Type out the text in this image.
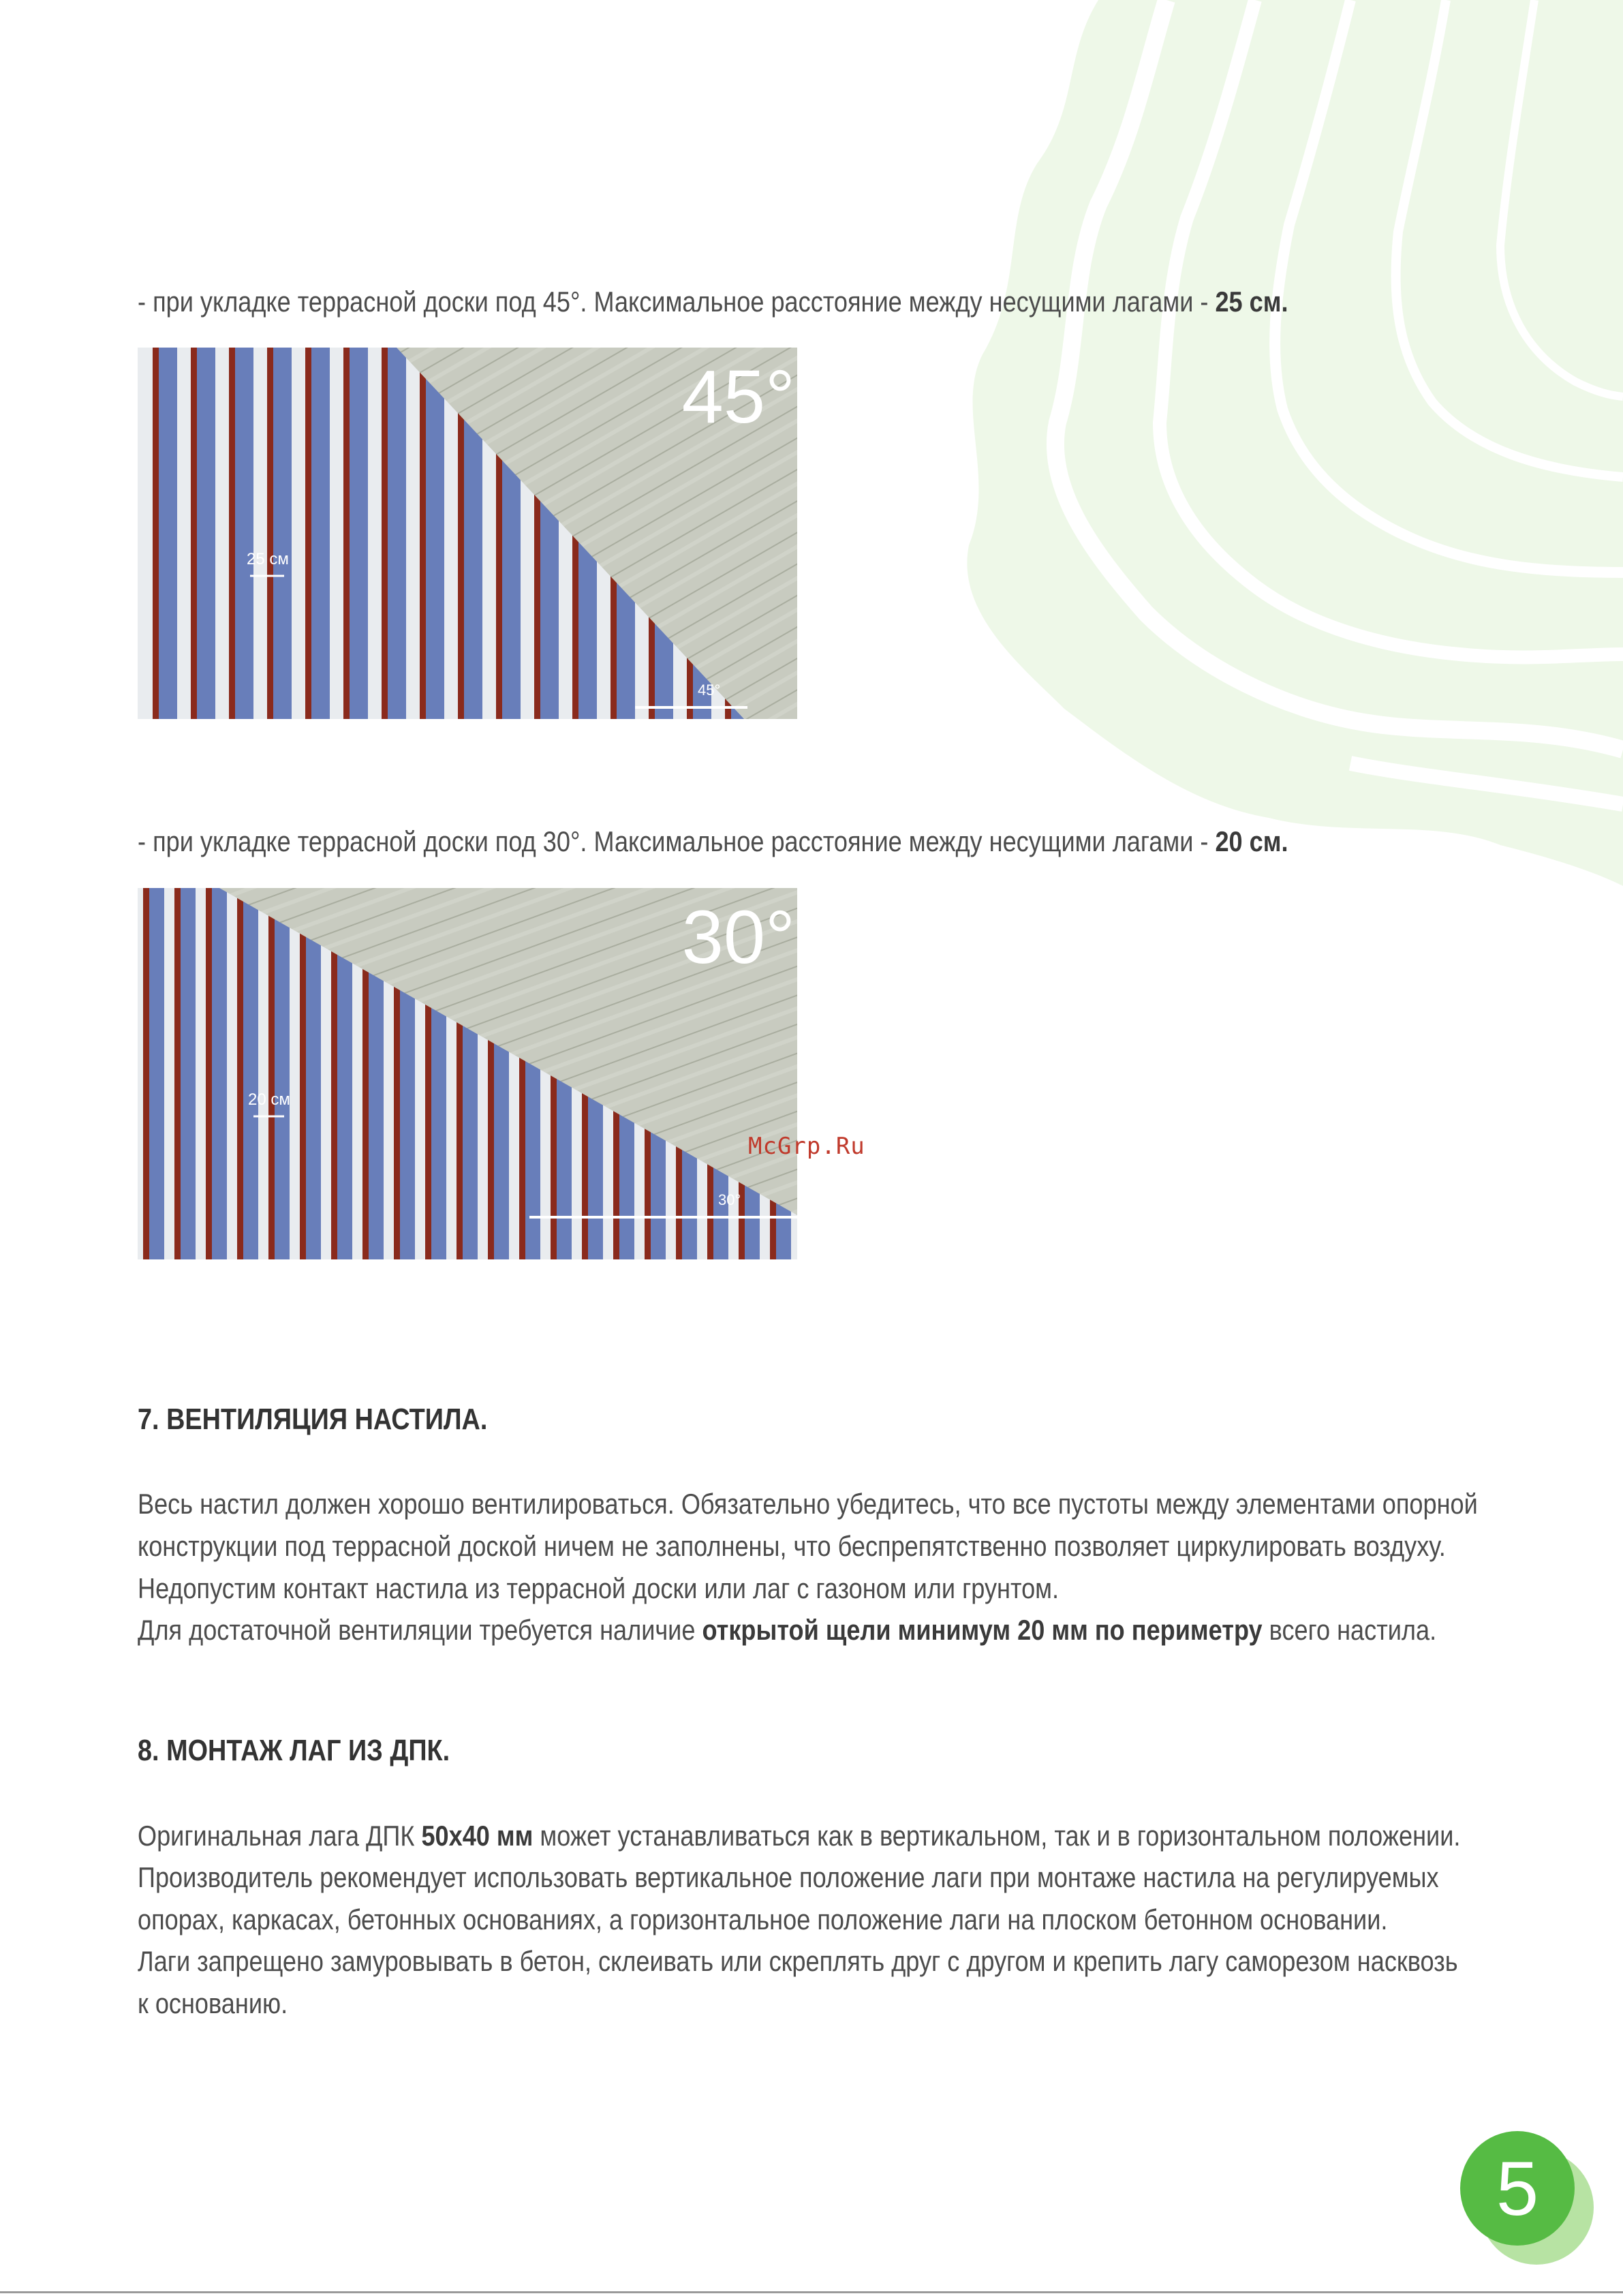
- при укладке террасной доски под 45°. Максимальное расстояние между несущими лагами - 25 см.
45°
25 см
45°
- при укладке террасной доски под 30°. Максимальное расстояние между несущими лагами - 20 см.
30°
20 см
30°
McGrp.Ru
7. ВЕНТИЛЯЦИЯ НАСТИЛА.
Весь настил должен хорошо вентилироваться. Обязательно убедитесь, что все пустоты между элементами опорной
конструкции под террасной доской ничем не заполнены, что беспрепятственно позволяет циркулировать воздуху.
Недопустим контакт настила из террасной доски или лаг с газоном или грунтом.
Для достаточной вентиляции требуется наличие открытой щели минимум 20 мм по периметру всего настила.
8. МОНТАЖ ЛАГ ИЗ ДПК.
Оригинальная лага ДПК 50х40 мм может устанавливаться как в вертикальном, так и в горизонтальном положении.
Производитель рекомендует использовать вертикальное положение лаги при монтаже настила на регулируемых
опорах, каркасах, бетонных основаниях, а горизонтальное положение лаги на плоском бетонном основании.
Лаги запрещено замуровывать в бетон, склеивать или скреплять друг с другом и крепить лагу саморезом насквозь
к основанию.
5
